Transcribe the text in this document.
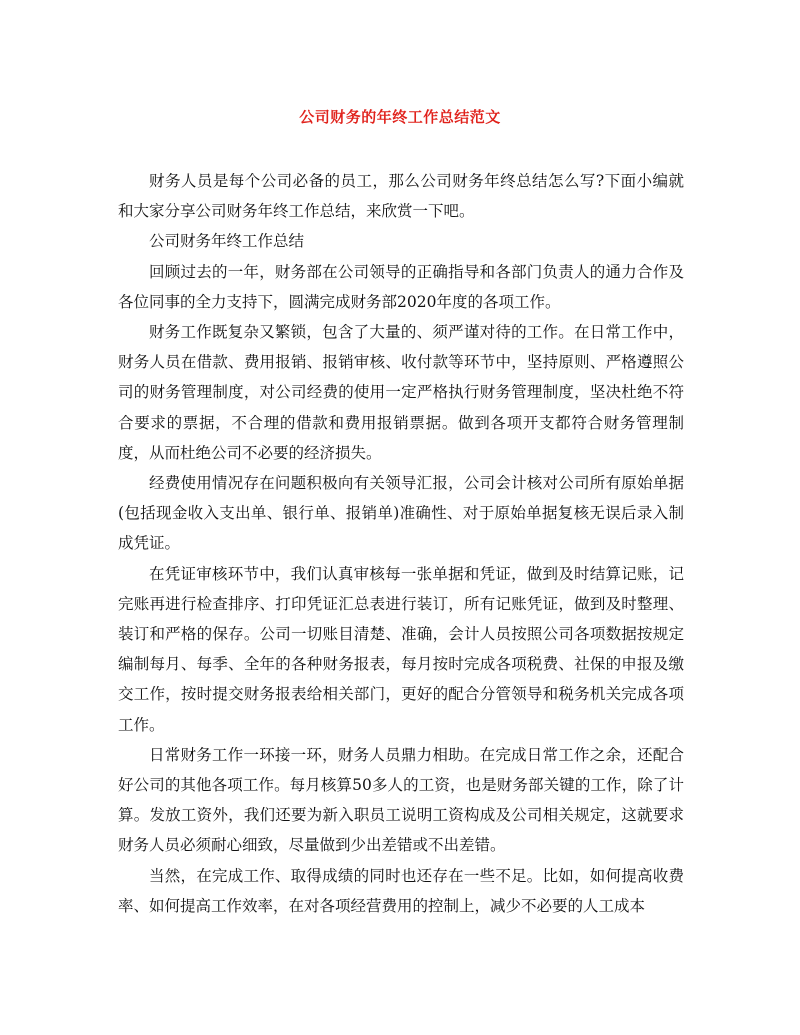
公司财务的年终工作总结范文

财务人员是每个公司必备的员工，那么公司财务年终总结怎么写?下面小编就和大家分享公司财务年终工作总结，来欣赏一下吧。

公司财务年终工作总结

回顾过去的一年，财务部在公司领导的正确指导和各部门负责人的通力合作及各位同事的全力支持下，圆满完成财务部2020年度的各项工作。

财务工作既复杂又繁锁，包含了大量的、须严谨对待的工作。在日常工作中，财务人员在借款、费用报销、报销审核、收付款等环节中，坚持原则、严格遵照公司的财务管理制度，对公司经费的使用一定严格执行财务管理制度，坚决杜绝不符合要求的票据，不合理的借款和费用报销票据。做到各项开支都符合财务管理制度，从而杜绝公司不必要的经济损失。

经费使用情况存在问题积极向有关领导汇报，公司会计核对公司所有原始单据(包括现金收入支出单、银行单、报销单)准确性、对于原始单据复核无误后录入制成凭证。

在凭证审核环节中，我们认真审核每一张单据和凭证，做到及时结算记账，记完账再进行检查排序、打印凭证汇总表进行装订，所有记账凭证，做到及时整理、装订和严格的保存。公司一切账目清楚、准确，会计人员按照公司各项数据按规定编制每月、每季、全年的各种财务报表，每月按时完成各项税费、社保的申报及缴交工作，按时提交财务报表给相关部门，更好的配合分管领导和税务机关完成各项工作。

日常财务工作一环接一环，财务人员鼎力相助。在完成日常工作之余，还配合好公司的其他各项工作。每月核算50多人的工资，也是财务部关键的工作，除了计算。发放工资外，我们还要为新入职员工说明工资构成及公司相关规定，这就要求财务人员必须耐心细致，尽量做到少出差错或不出差错。

当然，在完成工作、取得成绩的同时也还存在一些不足。比如，如何提高收费率、如何提高工作效率，在对各项经营费用的控制上，减少不必要的人工成本
